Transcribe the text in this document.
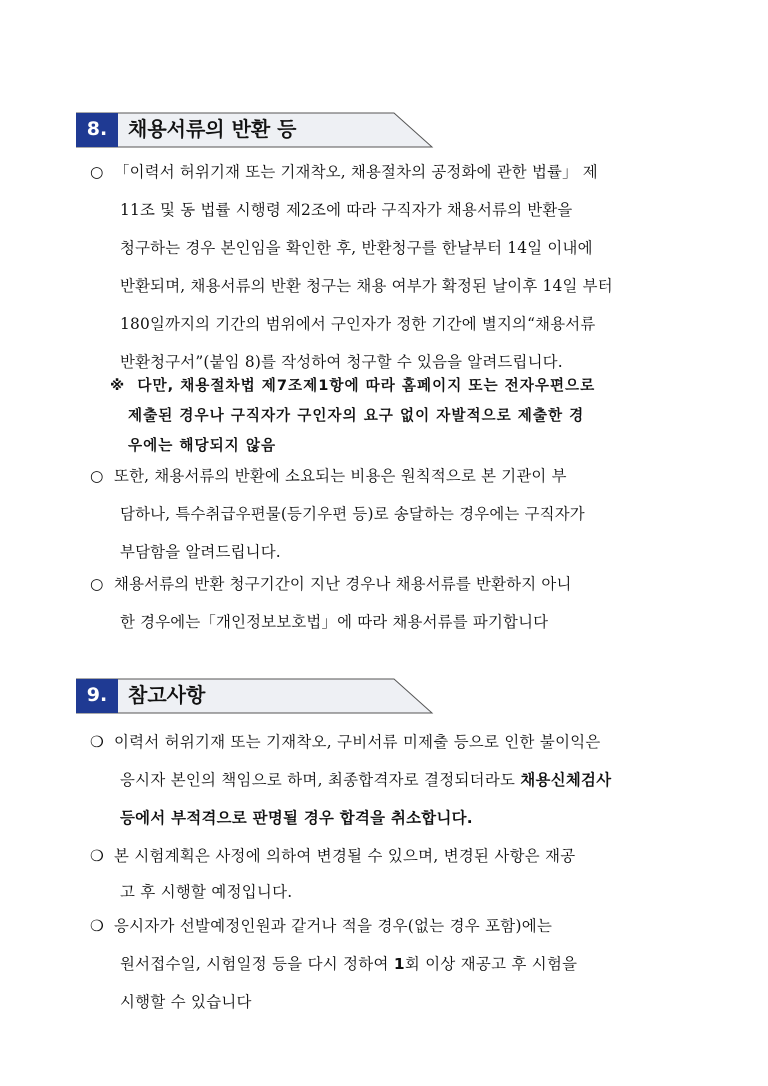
8.	채용서류의 반환 등
○ 「이력서 허위기재 또는 기재착오, 채용절차의 공정화에 관한 법률」 제
11조 및 동 법률 시행령 제2조에 따라 구직자가 채용서류의 반환을
청구하는 경우 본인임을 확인한 후, 반환청구를 한날부터 14일 이내에
반환되며, 채용서류의 반환 청구는 채용 여부가 확정된 날이후 14일 부터
180일까지의 기간의 범위에서 구인자가 정한 기간에 별지의“채용서류
반환청구서”(붙임 8)를 작성하여 청구할 수 있음을 알려드립니다.
※ 다만, 채용절차법 제7조제1항에 따라 홈페이지 또는 전자우편으로
제출된 경우나 구직자가 구인자의 요구 없이 자발적으로 제출한 경
우에는 해당되지 않음
○ 또한, 채용서류의 반환에 소요되는 비용은 원칙적으로 본 기관이 부
담하나, 특수취급우편물(등기우편 등)로 송달하는 경우에는 구직자가
부담함을 알려드립니다.
○ 채용서류의 반환 청구기간이 지난 경우나 채용서류를 반환하지 아니
한 경우에는「개인정보보호법」에 따라 채용서류를 파기합니다
9.	참고사항
❍ 이력서 허위기재 또는 기재착오, 구비서류 미제출 등으로 인한 불이익은
응시자 본인의 책임으로 하며, 최종합격자로 결정되더라도 채용신체검사
등에서 부적격으로 판명될 경우 합격을 취소합니다.
❍ 본 시험계획은 사정에 의하여 변경될 수 있으며, 변경된 사항은 재공
고 후 시행할 예정입니다.
❍ 응시자가 선발예정인원과 같거나 적을 경우(없는 경우 포함)에는
원서접수일, 시험일정 등을 다시 정하여 1회 이상 재공고 후 시험을
시행할 수 있습니다
